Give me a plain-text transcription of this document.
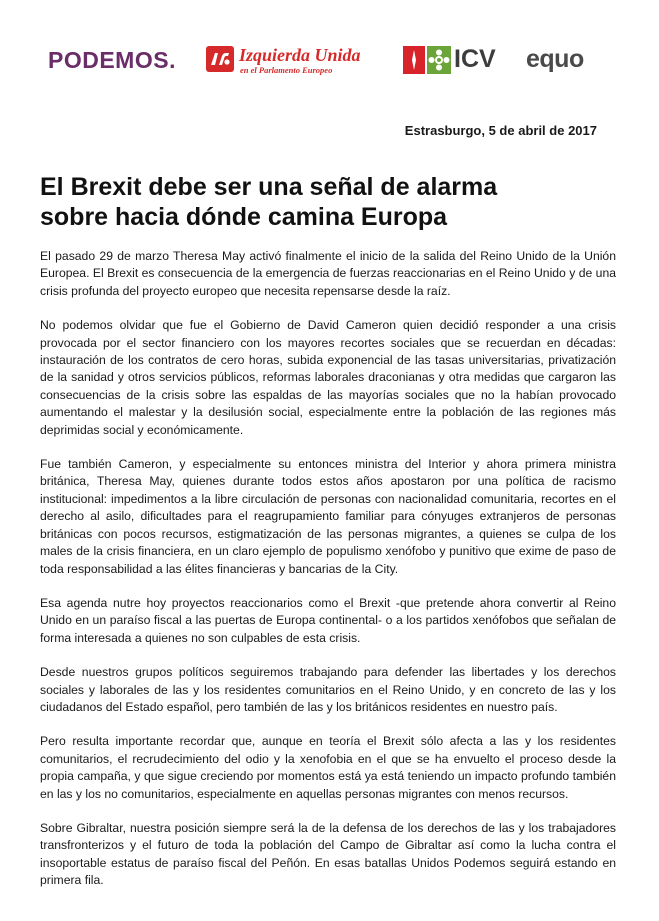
PODEMOS.	Izquierda Unida
en el Parlamento Europeo	ICV equo
Estrasburgo, 5 de abril de 2017
El Brexit debe ser una señal de alarma
sobre hacia dónde camina Europa

El pasado 29 de marzo Theresa May activó finalmente el inicio de la salida del Reino Unido de la Unión Europea. El Brexit es consecuencia de la emergencia de fuerzas reaccionarias en el Reino Unido y de una crisis profunda del proyecto europeo que necesita repensarse desde la raíz.

No podemos olvidar que fue el Gobierno de David Cameron quien decidió responder a una crisis provocada por el sector financiero con los mayores recortes sociales que se recuerdan en décadas: instauración de los contratos de cero horas, subida exponencial de las tasas universitarias, privatización de la sanidad y otros servicios públicos, reformas laborales draconianas y otra medidas que cargaron las consecuencias de la crisis sobre las espaldas de las mayorías sociales que no la habían provocado aumentando el malestar y la desilusión social, especialmente entre la población de las regiones más deprimidas social y económicamente.

Fue también Cameron, y especialmente su entonces ministra del Interior y ahora primera ministra británica, Theresa May, quienes durante todos estos años apostaron por una política de racismo institucional: impedimentos a la libre circulación de personas con nacionalidad comunitaria, recortes en el derecho al asilo, dificultades para el reagrupamiento familiar para cónyuges extranjeros de personas británicas con pocos recursos, estigmatización de las personas migrantes, a quienes se culpa de los males de la crisis financiera, en un claro ejemplo de populismo xenófobo y punitivo que exime de paso de toda responsabilidad a las élites financieras y bancarias de la City.

Esa agenda nutre hoy proyectos reaccionarios como el Brexit -que pretende ahora convertir al Reino Unido en un paraíso fiscal a las puertas de Europa continental- o a los partidos xenófobos que señalan de forma interesada a quienes no son culpables de esta crisis.

Desde nuestros grupos políticos seguiremos trabajando para defender las libertades y los derechos sociales y laborales de las y los residentes comunitarios en el Reino Unido, y en concreto de las y los ciudadanos del Estado español, pero también de las y los británicos residentes en nuestro país.

Pero resulta importante recordar que, aunque en teoría el Brexit sólo afecta a las y los residentes comunitarios, el recrudecimiento del odio y la xenofobia en el que se ha envuelto el proceso desde la propia campaña, y que sigue creciendo por momentos está ya está teniendo un impacto profundo también en las y los no comunitarios, especialmente en aquellas personas migrantes con menos recursos.

Sobre Gibraltar, nuestra posición siempre será la de la defensa de los derechos de las y los trabajadores transfronterizos y el futuro de toda la población del Campo de Gibraltar así como la lucha contra el insoportable estatus de paraíso fiscal del Peñón. En esas batallas Unidos Podemos seguirá estando en primera fila.
